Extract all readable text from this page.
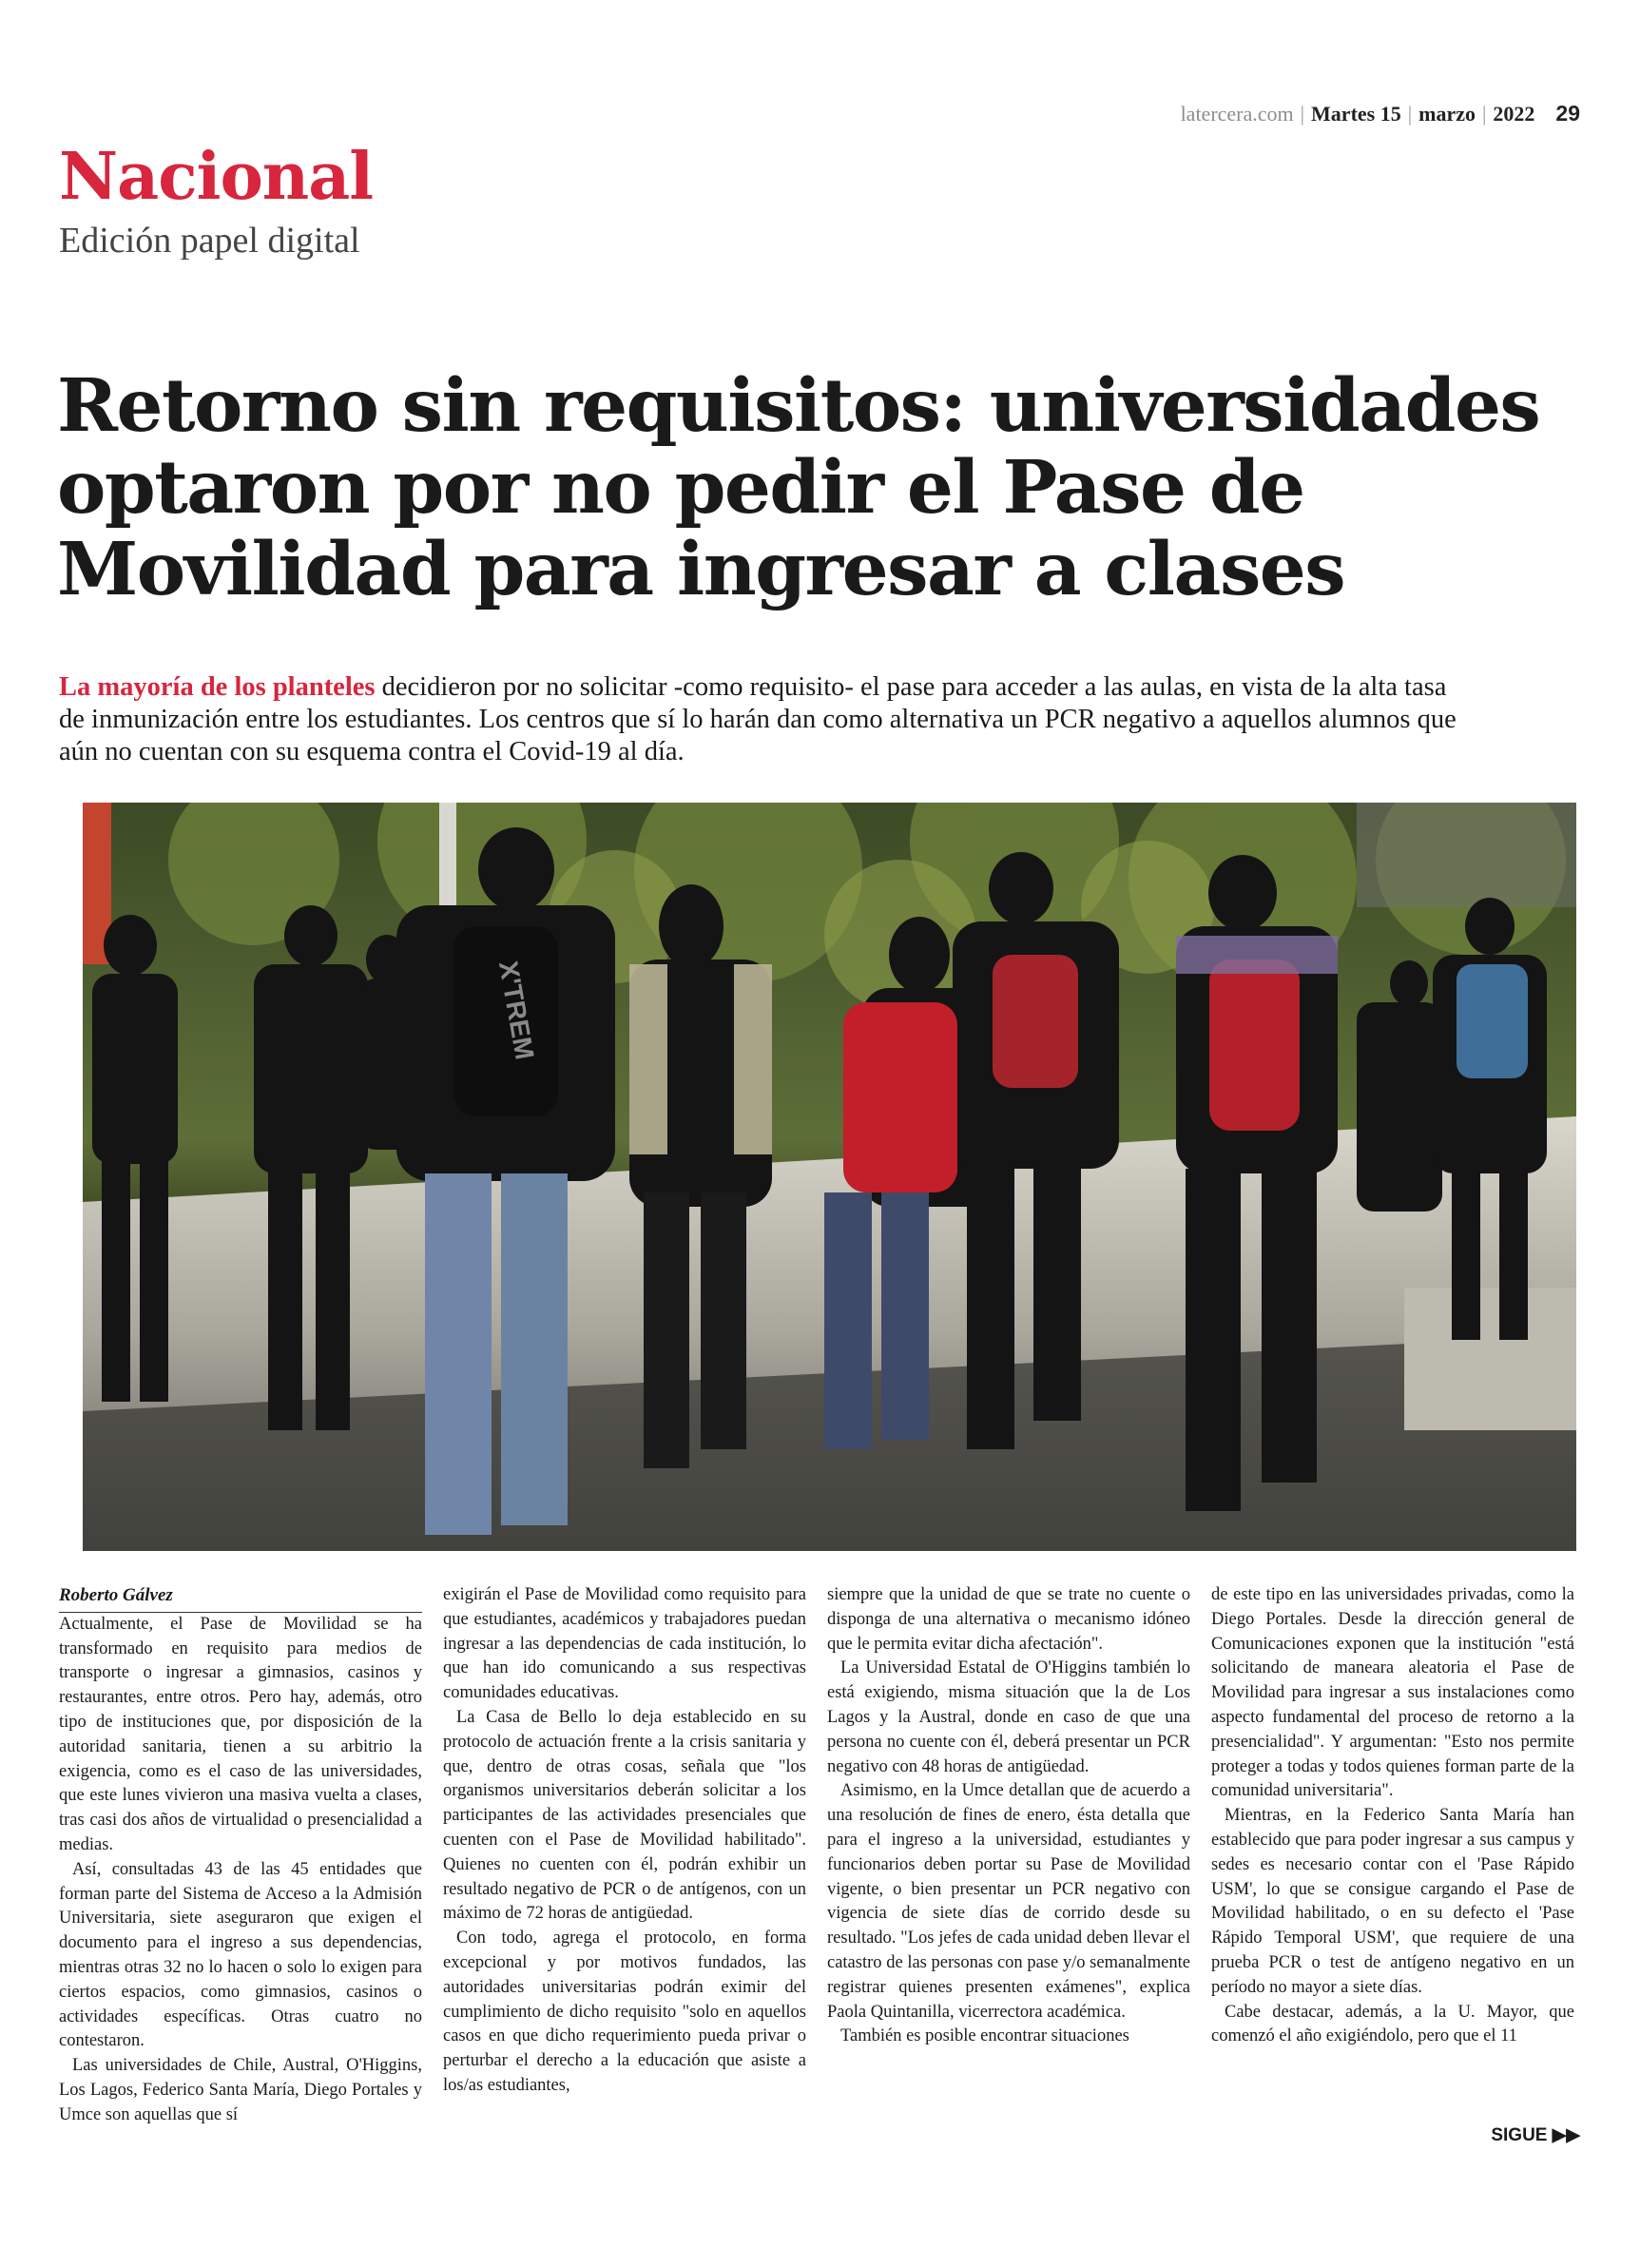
latercera.com | Martes 15 | marzo | 2022 29
Nacional
Edición papel digital
Retorno sin requisitos: universidades optaron por no pedir el Pase de Movilidad para ingresar a clases
La mayoría de los planteles decidieron por no solicitar -como requisito- el pase para acceder a las aulas, en vista de la alta tasa de inmunización entre los estudiantes. Los centros que sí lo harán dan como alternativa un PCR negativo a aquellos alumnos que aún no cuentan con su esquema contra el Covid-19 al día.
X'TREM

Roberto Gálvez

Actualmente, el Pase de Movilidad se ha transformado en requisito para medios de transporte o ingresar a gimnasios, casinos y restaurantes, entre otros. Pero hay, además, otro tipo de instituciones que, por disposición de la autoridad sanitaria, tienen a su arbitrio la exigencia, como es el caso de las universidades, que este lunes vivieron una masiva vuelta a clases, tras casi dos años de virtualidad o presencialidad a medias.

Así, consultadas 43 de las 45 entidades que forman parte del Sistema de Acceso a la Admisión Universitaria, siete aseguraron que exigen el documento para el ingreso a sus dependencias, mientras otras 32 no lo hacen o solo lo exigen para ciertos espacios, como gimnasios, casinos o actividades específicas. Otras cuatro no contestaron.

Las universidades de Chile, Austral, O'Higgins, Los Lagos, Federico Santa María, Diego Portales y Umce son aquellas que sí

exigirán el Pase de Movilidad como requisito para que estudiantes, académicos y trabajadores puedan ingresar a las dependencias de cada institución, lo que han ido comunicando a sus respectivas comunidades educativas.

La Casa de Bello lo deja establecido en su protocolo de actuación frente a la crisis sanitaria y que, dentro de otras cosas, señala que "los organismos universitarios deberán solicitar a los participantes de las actividades presenciales que cuenten con el Pase de Movilidad habilitado". Quienes no cuenten con él, podrán exhibir un resultado negativo de PCR o de antígenos, con un máximo de 72 horas de antigüedad.

Con todo, agrega el protocolo, en forma excepcional y por motivos fundados, las autoridades universitarias podrán eximir del cumplimiento de dicho requisito "solo en aquellos casos en que dicho requerimiento pueda privar o perturbar el derecho a la educación que asiste a los/as estudiantes,

siempre que la unidad de que se trate no cuente o disponga de una alternativa o mecanismo idóneo que le permita evitar dicha afectación".

La Universidad Estatal de O'Higgins también lo está exigiendo, misma situación que la de Los Lagos y la Austral, donde en caso de que una persona no cuente con él, deberá presentar un PCR negativo con 48 horas de antigüedad.

Asimismo, en la Umce detallan que de acuerdo a una resolución de fines de enero, ésta detalla que para el ingreso a la universidad, estudiantes y funcionarios deben portar su Pase de Movilidad vigente, o bien presentar un PCR negativo con vigencia de siete días de corrido desde su resultado. "Los jefes de cada unidad deben llevar el catastro de las personas con pase y/o semanalmente registrar quienes presenten exámenes", explica Paola Quintanilla, vicerrectora académica.

También es posible encontrar situaciones

de este tipo en las universidades privadas, como la Diego Portales. Desde la dirección general de Comunicaciones exponen que la institución "está solicitando de maneara aleatoria el Pase de Movilidad para ingresar a sus instalaciones como aspecto fundamental del proceso de retorno a la presencialidad". Y argumentan: "Esto nos permite proteger a todas y todos quienes forman parte de la comunidad universitaria".

Mientras, en la Federico Santa María han establecido que para poder ingresar a sus campus y sedes es necesario contar con el 'Pase Rápido USM', lo que se consigue cargando el Pase de Movilidad habilitado, o en su defecto el 'Pase Rápido Temporal USM', que requiere de una prueba PCR o test de antígeno negativo en un período no mayor a siete días.

Cabe destacar, además, a la U. Mayor, que comenzó el año exigiéndolo, pero que el 11

SIGUE ▶▶
